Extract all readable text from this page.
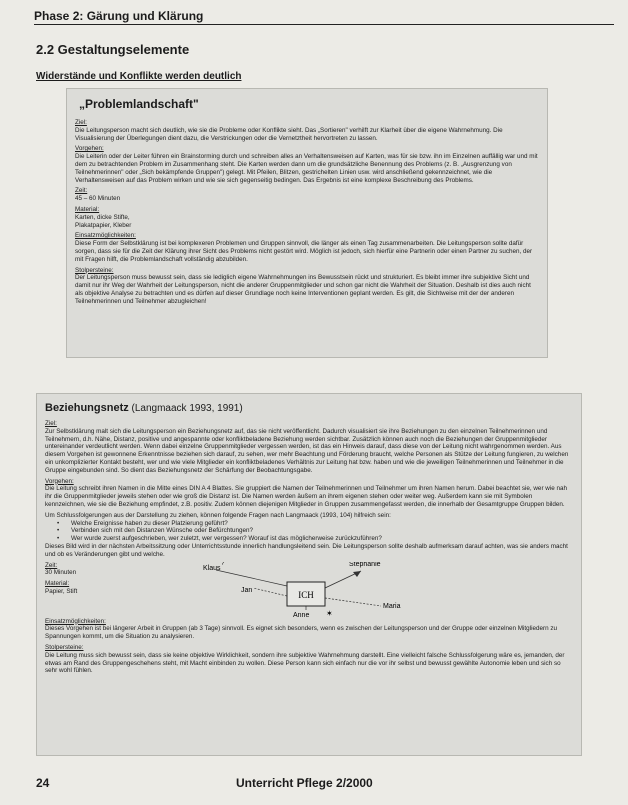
Phase 2: Gärung und Klärung
2.2 Gestaltungselemente
Widerstände und Konflikte werden deutlich
„Problemlandschaft"
Ziel:
Die Leitungsperson macht sich deutlich, wie sie die Probleme oder Konflikte sieht. Das „Sortieren" verhilft zur Klarheit über die eigene Wahrnehmung. Die Visualisierung der Überlegungen dient dazu, die Verstrickungen oder die Vernetztheit hervortreten zu lassen.
Vorgehen:
Die Leiterin oder der Leiter führen ein Brainstorming durch und schreiben alles an Verhaltensweisen auf Karten, was für sie bzw. ihn im Einzelnen auffällig war und mit dem zu betrachtenden Problem im Zusammenhang steht. Die Karten werden dann um die grundsätzliche Benennung des Problems (z. B. „Ausgrenzung von Teilnehmerinnen" oder „Sich bekämpfende Gruppen") gelegt. Mit Pfeilen, Blitzen, gestrichelten Linien usw. wird anschließend gekennzeichnet, wie die Verhaltensweisen auf das Problem wirken und wie sie sich gegenseitig bedingen. Das Ergebnis ist eine komplexe Beschreibung des Problems.
Zeit:
45 – 60 Minuten
Material:
Karten, dicke Stifte,
Plakatpapier, Kleber
Einsatzmöglichkeiten:
Diese Form der Selbstklärung ist bei komplexeren Problemen und Gruppen sinnvoll, die länger als einen Tag zusammenarbeiten. Die Leitungsperson sollte dafür sorgen, dass sie für die Zeit der Klärung ihrer Sicht des Problems nicht gestört wird. Möglich ist jedoch, sich hierfür eine Partnerin oder einen Partner zu suchen, der mit Fragen hilft, die Problemlandschaft vollständig abzubilden.
Stolpersteine:
Der Leitungsperson muss bewusst sein, dass sie lediglich eigene Wahrnehmungen ins Bewusstsein rückt und strukturiert. Es bleibt immer ihre subjektive Sicht und damit nur ihr Weg der Wahrheit der Leitungsperson, nicht die anderer Gruppenmitglieder und schon gar nicht die Wahrheit der Situation. Deshalb ist dies auch nicht als objektive Analyse zu betrachten und es dürfen auf dieser Grundlage noch keine Interventionen geplant werden. Es gilt, die Sichtweise mit der der anderen Teilnehmerinnen und Teilnehmer abzugleichen!
Beziehungsnetz (Langmaack 1993, 1991)
Ziel:
Zur Selbstklärung malt sich die Leitungsperson ein Beziehungsnetz auf, das sie nicht veröffentlicht. Dadurch visualisiert sie ihre Beziehungen zu den einzelnen Teilnehmerinnen und Teilnehmern, d.h. Nähe, Distanz, positive und angespannte oder konfliktbeladene Beziehung werden sichtbar. Zusätzlich können auch noch die Beziehungen der Gruppenmitglieder untereinander verdeutlicht werden. Wenn dabei einzelne Gruppenmitglieder vergessen werden, ist das ein Hinweis darauf, dass diese von der Leitung nicht wahrgenommen werden. Aus diesem Vorgehen ist gewonnene Erkenntnisse beziehen sich darauf, zu sehen, wer mehr Beachtung und Förderung braucht, welche Personen als Stütze der Leitung fungieren, zu welchen ein unkomplizierter Kontakt besteht, wer und wie viele Mitglieder ein konfliktbeladenes Verhältnis zur Leitung hat bzw. haben und wie die jeweiligen Teilnehmerinnen und Teilnehmer in die Gruppe eingebunden sind. So dient das Beziehungsnetz der Schärfung der Beobachtungsgabe.
Vorgehen:
Die Leitung schreibt ihren Namen in die Mitte eines DIN A 4 Blattes. Sie gruppiert die Namen der Teilnehmerinnen und Teilnehmer um ihren Namen herum. Dabei beachtet sie, wer wie nah ihr die Gruppenmitglieder jeweils stehen oder wie groß die Distanz ist. Die Namen werden äußern an ihrem eigenen stehen oder weiter weg. Außerdem kann sie mit Symbolen kennzeichnen, wie sie die Beziehung empfindet, z.B. positiv. Zudem können diejenigen Mitglieder in Gruppen zusammengefasst werden, die innerhalb der Gesamtgruppe Gruppen bilden.
Um Schlussfolgerungen aus der Darstellung zu ziehen, können folgende Fragen nach Langmaack (1993, 104) hilfreich sein:
• Welche Ereignisse haben zu dieser Platzierung geführt?
• Verbinden sich mit den Distanzen Wünsche oder Befürchtungen?
• Wer wurde zuerst aufgeschrieben, wer zuletzt, wer vergessen? Worauf ist das möglicherweise zurückzuführen?
Dieses Bild wird in der nächsten Arbeitssitzung oder Unterrichtsstunde innerlich handlungsleitend sein. Die Leitungsperson sollte deshalb aufmerksam darauf achten, was sie anders macht und ob es Veränderungen gibt und welche.
Zeit:
30 Minuten
Material:
Papier, Stift	ICH
Klaus
?
Jan
Stephanie
Maria
Anne ✶
Einsatzmöglichkeiten:
Dieses Vorgehen ist bei längerer Arbeit in Gruppen (ab 3 Tage) sinnvoll. Es eignet sich besonders, wenn es zwischen der Leitungsperson und der Gruppe oder einzelnen Mitgliedern zu Spannungen kommt, um die Situation zu analysieren.
Stolpersteine:
Die Leitung muss sich bewusst sein, dass sie keine objektive Wirklichkeit, sondern ihre subjektive Wahrnehmung darstellt. Eine vielleicht falsche Schlussfolgerung wäre es, jemanden, der etwas am Rand des Gruppengeschehens steht, mit Macht einbinden zu wollen. Diese Person kann sich einfach nur die vor ihr selbst und bewusst gewählte Autonomie leben und sich so sehr wohl fühlen.
24	Unterricht Pflege 2/2000
